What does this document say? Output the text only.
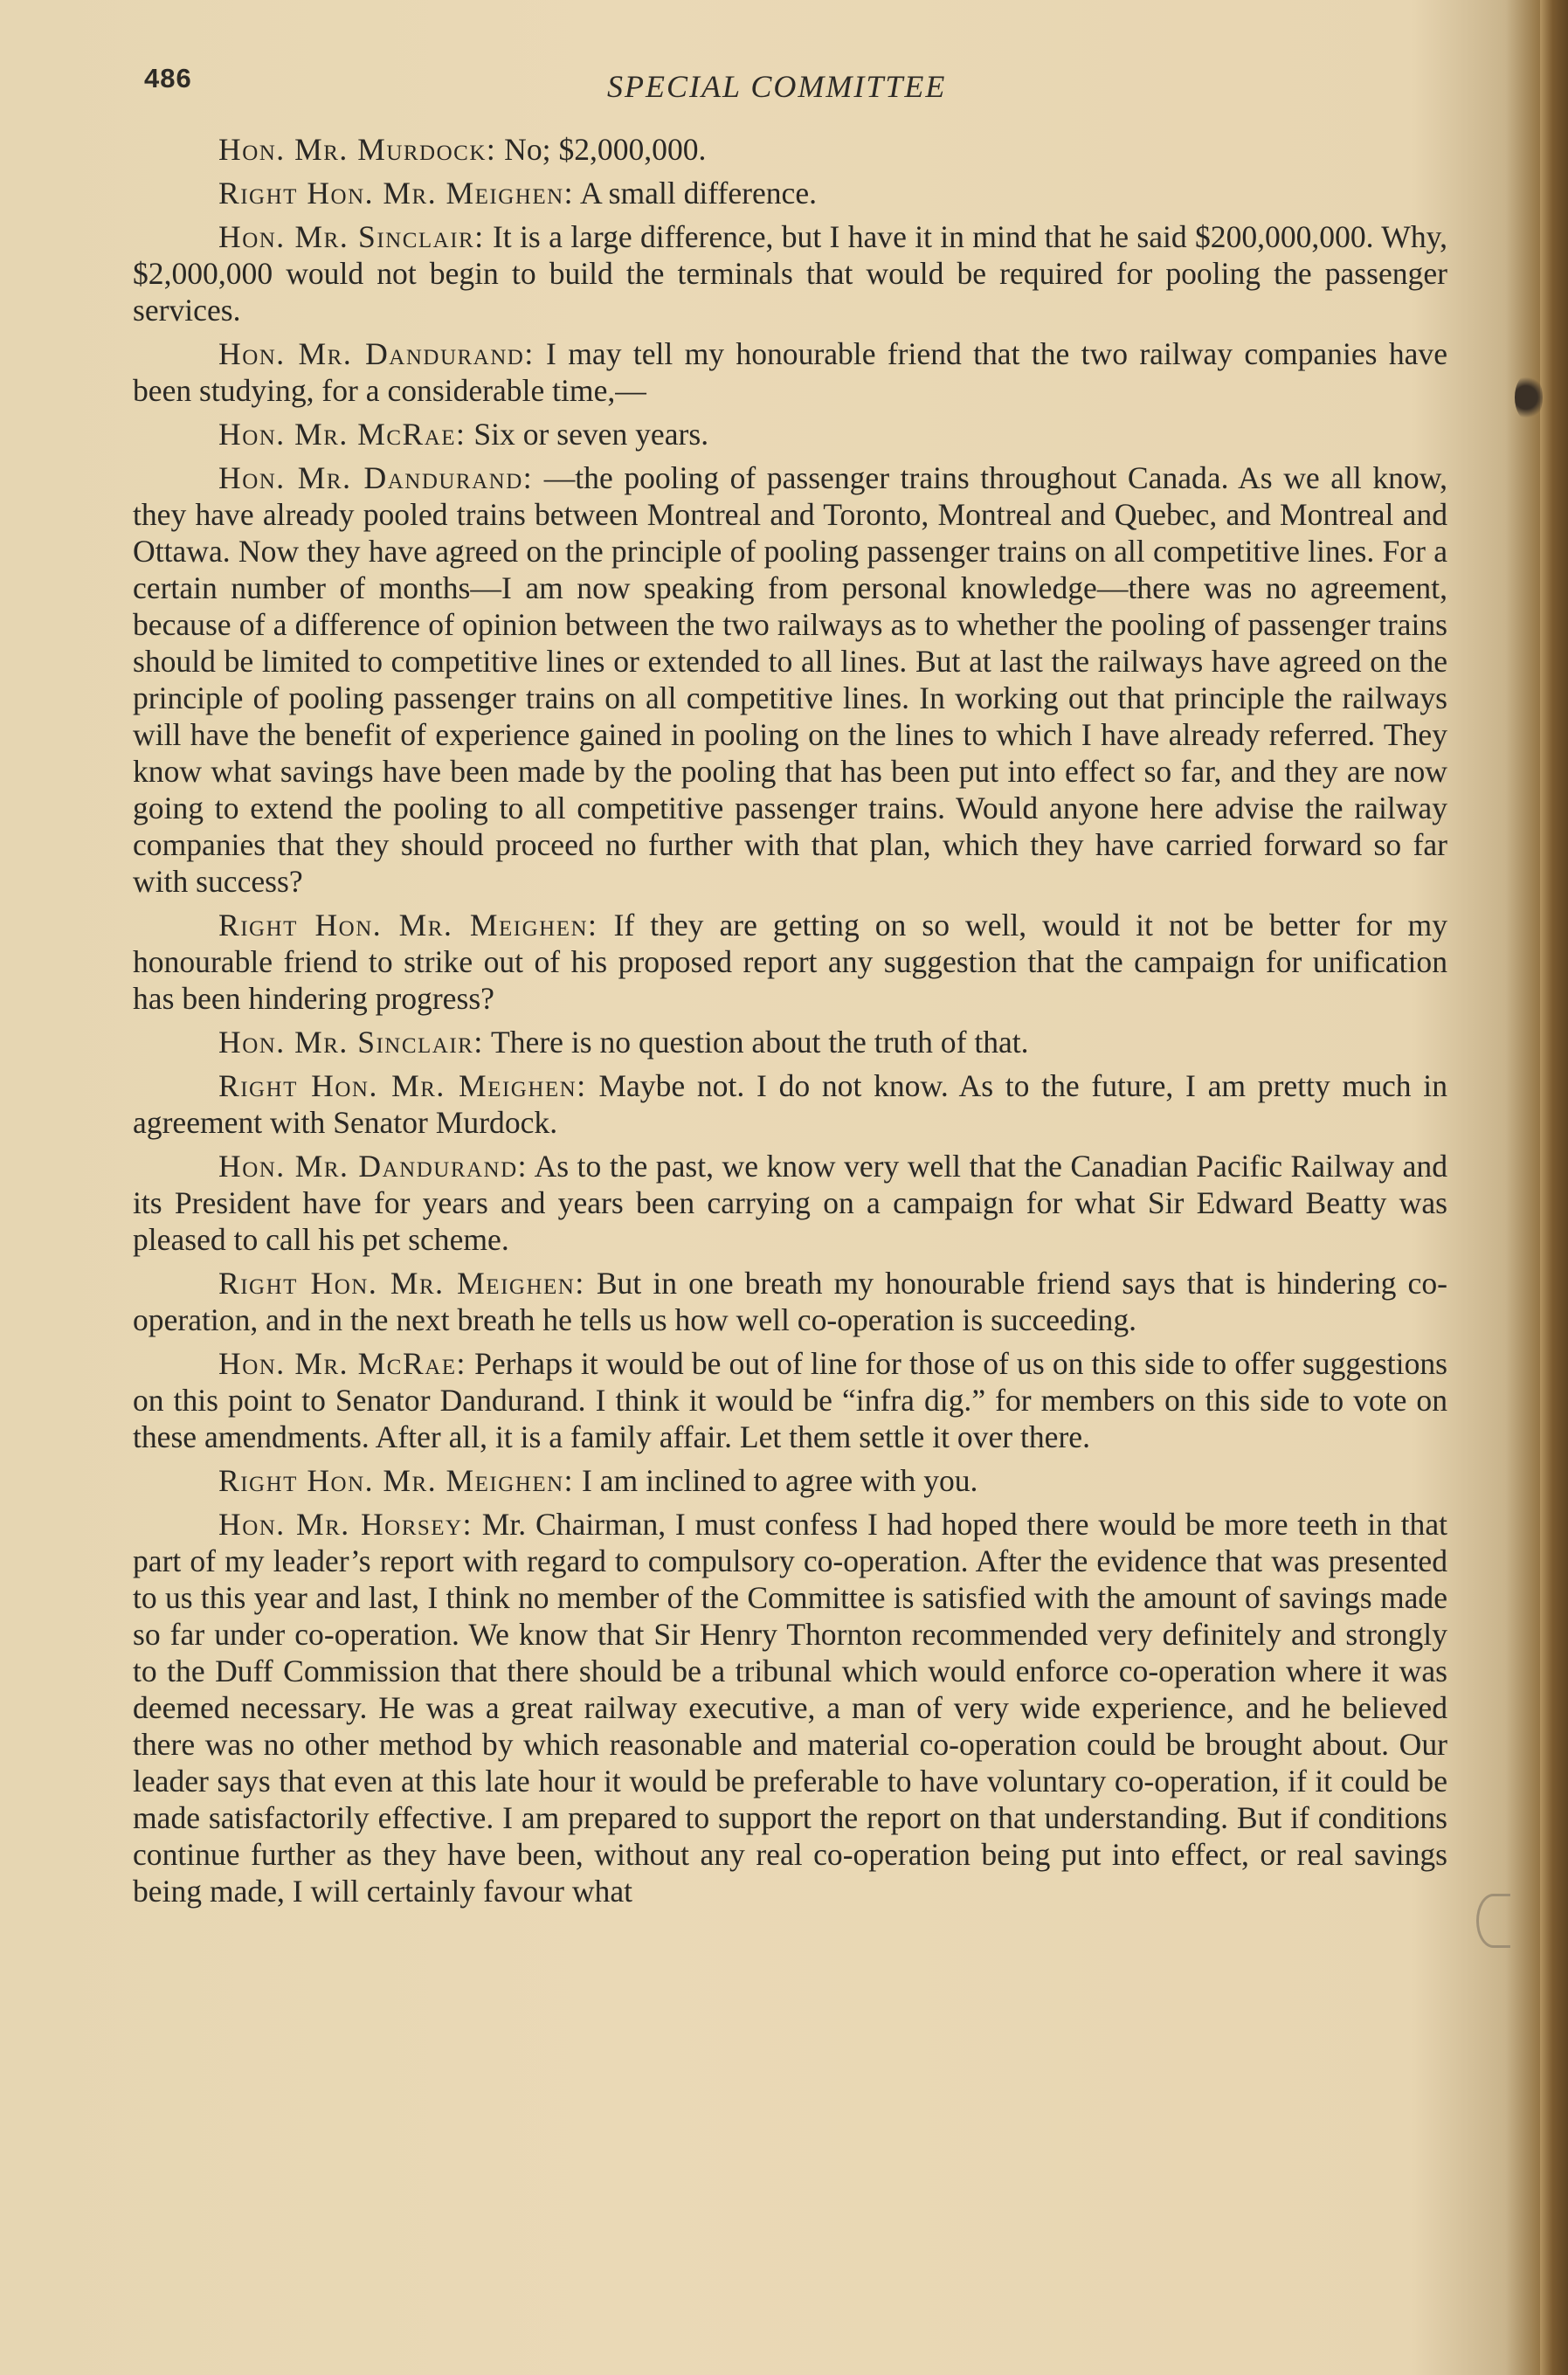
486	SPECIAL COMMITTEE

Hon. Mr. Murdock: No; $2,000,000.

Right Hon. Mr. Meighen: A small difference.

Hon. Mr. Sinclair: It is a large difference, but I have it in mind that he said $200,000,000. Why, $2,000,000 would not begin to build the terminals that would be required for pooling the passenger services.

Hon. Mr. Dandurand: I may tell my honourable friend that the two railway companies have been studying, for a considerable time,—

Hon. Mr. McRae: Six or seven years.

Hon. Mr. Dandurand: —the pooling of passenger trains throughout Canada. As we all know, they have already pooled trains between Montreal and Toronto, Montreal and Quebec, and Montreal and Ottawa. Now they have agreed on the principle of pooling passenger trains on all competitive lines. For a certain number of months—I am now speaking from personal knowledge—there was no agreement, because of a difference of opinion between the two railways as to whether the pooling of passenger trains should be limited to competitive lines or extended to all lines. But at last the railways have agreed on the principle of pooling passenger trains on all competitive lines. In working out that principle the railways will have the benefit of experience gained in pooling on the lines to which I have already referred. They know what savings have been made by the pooling that has been put into effect so far, and they are now going to extend the pooling to all competitive passenger trains. Would anyone here advise the railway companies that they should proceed no further with that plan, which they have carried forward so far with success?

Right Hon. Mr. Meighen: If they are getting on so well, would it not be better for my honourable friend to strike out of his proposed report any suggestion that the campaign for unification has been hindering progress?

Hon. Mr. Sinclair: There is no question about the truth of that.

Right Hon. Mr. Meighen: Maybe not. I do not know. As to the future, I am pretty much in agreement with Senator Murdock.

Hon. Mr. Dandurand: As to the past, we know very well that the Canadian Pacific Railway and its President have for years and years been carrying on a campaign for what Sir Edward Beatty was pleased to call his pet scheme.

Right Hon. Mr. Meighen: But in one breath my honourable friend says that is hindering co-operation, and in the next breath he tells us how well co-operation is succeeding.

Hon. Mr. McRae: Perhaps it would be out of line for those of us on this side to offer suggestions on this point to Senator Dandurand. I think it would be “infra dig.” for members on this side to vote on these amendments. After all, it is a family affair. Let them settle it over there.

Right Hon. Mr. Meighen: I am inclined to agree with you.

Hon. Mr. Horsey: Mr. Chairman, I must confess I had hoped there would be more teeth in that part of my leader’s report with regard to compulsory co-operation. After the evidence that was presented to us this year and last, I think no member of the Committee is satisfied with the amount of savings made so far under co-operation. We know that Sir Henry Thornton recommended very definitely and strongly to the Duff Commission that there should be a tribunal which would enforce co-operation where it was deemed necessary. He was a great railway executive, a man of very wide experience, and he believed there was no other method by which reasonable and material co-operation could be brought about. Our leader says that even at this late hour it would be preferable to have voluntary co-operation, if it could be made satisfactorily effective. I am prepared to support the report on that understanding. But if conditions continue further as they have been, without any real co-operation being put into effect, or real savings being made, I will certainly favour what
